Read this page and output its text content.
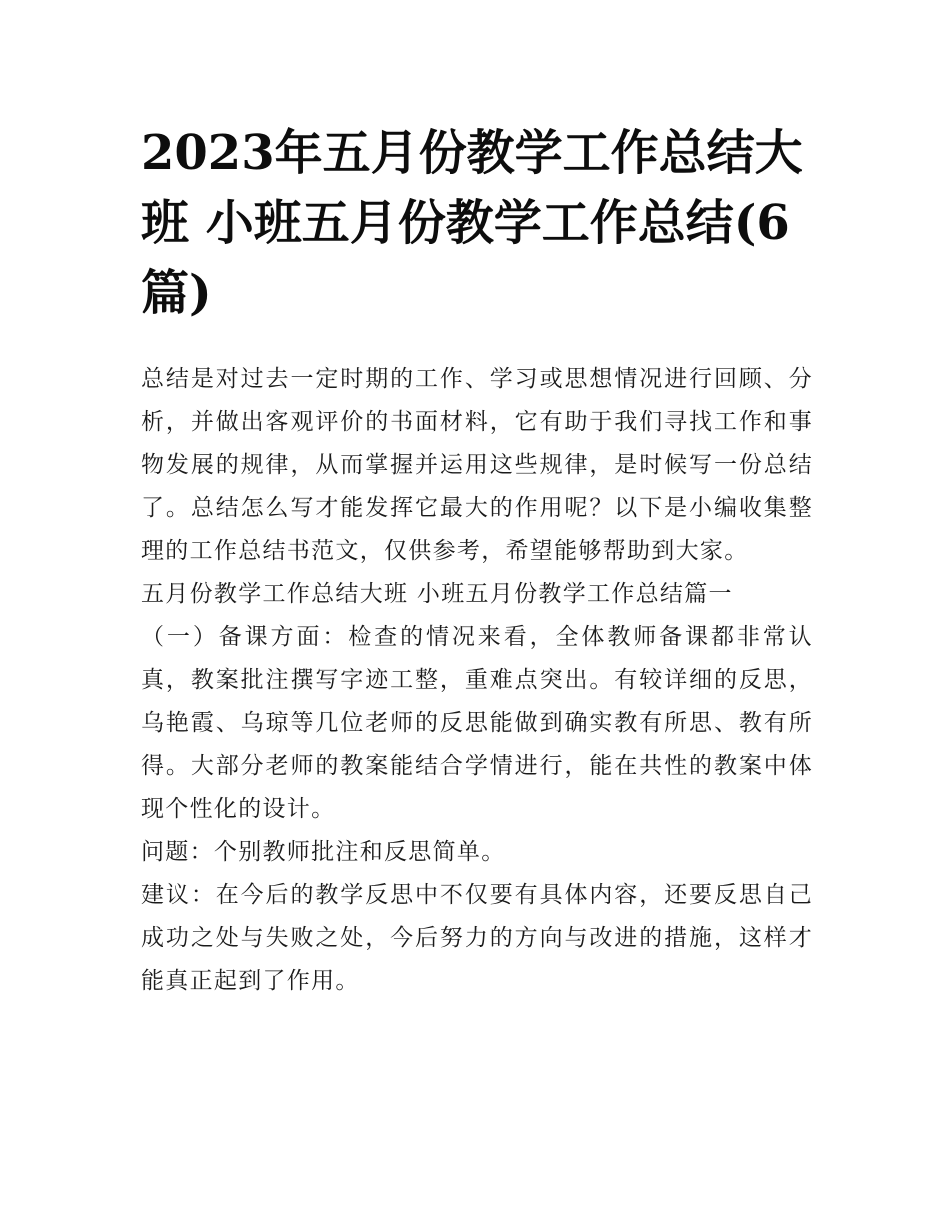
2023年五月份教学工作总结大班 小班五月份教学工作总结(6篇)

总结是对过去一定时期的工作、学习或思想情况进行回顾、分析，并做出客观评价的书面材料，它有助于我们寻找工作和事物发展的规律，从而掌握并运用这些规律，是时候写一份总结了。总结怎么写才能发挥它最大的作用呢？以下是小编收集整理的工作总结书范文，仅供参考，希望能够帮助到大家。

五月份教学工作总结大班 小班五月份教学工作总结篇一

（一）备课方面：检查的情况来看，全体教师备课都非常认真，教案批注撰写字迹工整，重难点突出。有较详细的反思，乌艳霞、乌琼等几位老师的反思能做到确实教有所思、教有所得。大部分老师的教案能结合学情进行，能在共性的教案中体现个性化的设计。

问题：个别教师批注和反思简单。

建议：在今后的教学反思中不仅要有具体内容，还要反思自己成功之处与失败之处，今后努力的方向与改进的措施，这样才能真正起到了作用。
